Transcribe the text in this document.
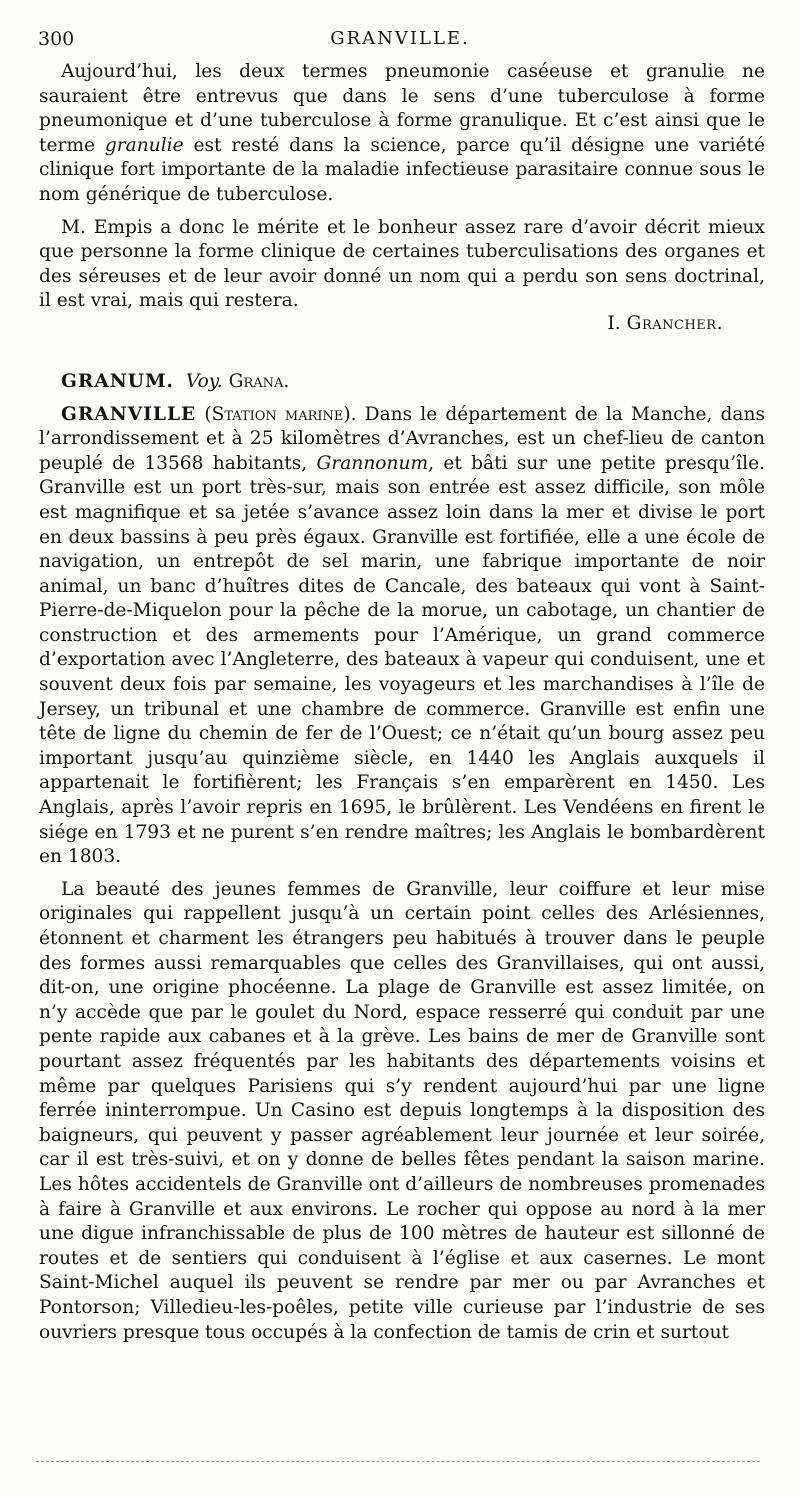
300	GRANVILLE.

Aujourd’hui, les deux termes pneumonie caséeuse et granulie ne sauraient être entrevus que dans le sens d’une tuberculose à forme pneumonique et d’une tuberculose à forme granulique. Et c’est ainsi que le terme granulie est resté dans la science, parce qu’il désigne une variété clinique fort importante de la maladie infectieuse parasitaire connue sous le nom générique de tuberculose.

M. Empis a donc le mérite et le bonheur assez rare d’avoir décrit mieux que personne la forme clinique de certaines tuberculisations des organes et des séreuses et de leur avoir donné un nom qui a perdu son sens doctrinal, il est vrai, mais qui restera.

I. Grancher.

GRANUM. Voy. Grana.

GRANVILLE (Station marine). Dans le département de la Manche, dans l’arrondissement et à 25 kilomètres d’Avranches, est un chef-lieu de canton peuplé de 13568 habitants, Grannonum, et bâti sur une petite presqu’île. Granville est un port très-sur, mais son entrée est assez difficile, son môle est magnifique et sa jetée s’avance assez loin dans la mer et divise le port en deux bassins à peu près égaux. Granville est fortifiée, elle a une école de navigation, un entrepôt de sel marin, une fabrique importante de noir animal, un banc d’huîtres dites de Cancale, des bateaux qui vont à Saint-Pierre-de-Miquelon pour la pêche de la morue, un cabotage, un chantier de construction et des armements pour l’Amérique, un grand commerce d’exportation avec l’Angleterre, des bateaux à vapeur qui conduisent, une et souvent deux fois par semaine, les voyageurs et les marchandises à l’île de Jersey, un tribunal et une chambre de commerce. Granville est enfin une tête de ligne du chemin de fer de l’Ouest; ce n’était qu’un bourg assez peu important jusqu’au quinzième siècle, en 1440 les Anglais auxquels il appartenait le fortifièrent; les Français s’en emparèrent en 1450. Les Anglais, après l’avoir repris en 1695, le brûlèrent. Les Vendéens en firent le siége en 1793 et ne purent s’en rendre maîtres; les Anglais le bombardèrent en 1803.

La beauté des jeunes femmes de Granville, leur coiffure et leur mise originales qui rappellent jusqu’à un certain point celles des Arlésiennes, étonnent et charment les étrangers peu habitués à trouver dans le peuple des formes aussi remarquables que celles des Granvillaises, qui ont aussi, dit-on, une origine phocéenne. La plage de Granville est assez limitée, on n’y accède que par le goulet du Nord, espace resserré qui conduit par une pente rapide aux cabanes et à la grève. Les bains de mer de Granville sont pourtant assez fréquentés par les habitants des départements voisins et même par quelques Parisiens qui s’y rendent aujourd’hui par une ligne ferrée ininterrompue. Un Casino est depuis longtemps à la disposition des baigneurs, qui peuvent y passer agréablement leur journée et leur soirée, car il est très-suivi, et on y donne de belles fêtes pendant la saison marine. Les hôtes accidentels de Granville ont d’ailleurs de nombreuses promenades à faire à Granville et aux environs. Le rocher qui oppose au nord à la mer une digue infranchissable de plus de 100 mètres de hauteur est sillonné de routes et de sentiers qui conduisent à l’église et aux casernes. Le mont Saint-Michel auquel ils peuvent se rendre par mer ou par Avranches et Pontorson; Villedieu-les-poêles, petite ville curieuse par l’industrie de ses ouvriers presque tous occupés à la confection de tamis de crin et surtout
